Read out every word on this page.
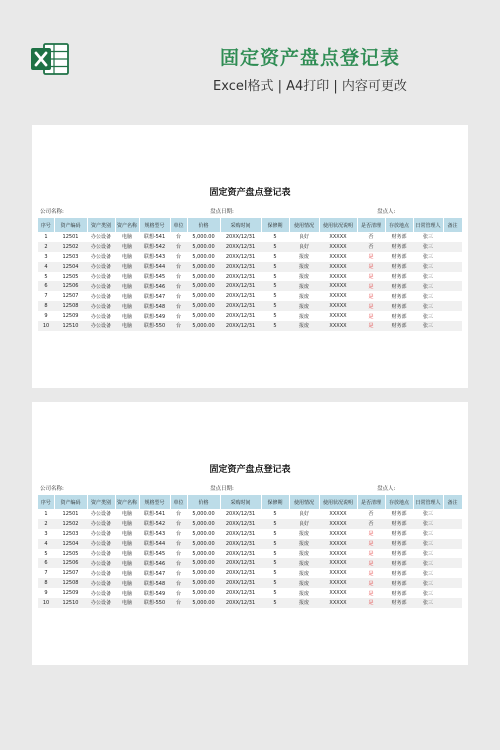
固定资产盘点登记表
Excel格式 | A4打印 | 内容可更改
固定资产盘点登记表
公司名称:	盘点日期:	盘点人:
序号	资产编码	资产类别	资产名称	规格型号	单位	价格	采购时间	保修期	使用情况	使用状况说明	是否清理	存放地点	日常管理人	备注
1	12501	办公设备	电脑	联想-541	台	5,000.00	20XX/12/31	5	良好	XXXXX	否	财务部	张三	
2	12502	办公设备	电脑	联想-542	台	5,000.00	20XX/12/31	5	良好	XXXXX	否	财务部	张三	
3	12503	办公设备	电脑	联想-543	台	5,000.00	20XX/12/31	5	报废	XXXXX	是	财务部	张三	
4	12504	办公设备	电脑	联想-544	台	5,000.00	20XX/12/31	5	报废	XXXXX	是	财务部	张三	
5	12505	办公设备	电脑	联想-545	台	5,000.00	20XX/12/31	5	报废	XXXXX	是	财务部	张三	
6	12506	办公设备	电脑	联想-546	台	5,000.00	20XX/12/31	5	报废	XXXXX	是	财务部	张三	
7	12507	办公设备	电脑	联想-547	台	5,000.00	20XX/12/31	5	报废	XXXXX	是	财务部	张三	
8	12508	办公设备	电脑	联想-548	台	5,000.00	20XX/12/31	5	报废	XXXXX	是	财务部	张三	
9	12509	办公设备	电脑	联想-549	台	5,000.00	20XX/12/31	5	报废	XXXXX	是	财务部	张三	
10	12510	办公设备	电脑	联想-550	台	5,000.00	20XX/12/31	5	报废	XXXXX	是	财务部	张三	
固定资产盘点登记表
公司名称:	盘点日期:	盘点人:
序号	资产编码	资产类别	资产名称	规格型号	单位	价格	采购时间	保修期	使用情况	使用状况说明	是否清理	存放地点	日常管理人	备注
1	12501	办公设备	电脑	联想-541	台	5,000.00	20XX/12/31	5	良好	XXXXX	否	财务部	张三	
2	12502	办公设备	电脑	联想-542	台	5,000.00	20XX/12/31	5	良好	XXXXX	否	财务部	张三	
3	12503	办公设备	电脑	联想-543	台	5,000.00	20XX/12/31	5	报废	XXXXX	是	财务部	张三	
4	12504	办公设备	电脑	联想-544	台	5,000.00	20XX/12/31	5	报废	XXXXX	是	财务部	张三	
5	12505	办公设备	电脑	联想-545	台	5,000.00	20XX/12/31	5	报废	XXXXX	是	财务部	张三	
6	12506	办公设备	电脑	联想-546	台	5,000.00	20XX/12/31	5	报废	XXXXX	是	财务部	张三	
7	12507	办公设备	电脑	联想-547	台	5,000.00	20XX/12/31	5	报废	XXXXX	是	财务部	张三	
8	12508	办公设备	电脑	联想-548	台	5,000.00	20XX/12/31	5	报废	XXXXX	是	财务部	张三	
9	12509	办公设备	电脑	联想-549	台	5,000.00	20XX/12/31	5	报废	XXXXX	是	财务部	张三	
10	12510	办公设备	电脑	联想-550	台	5,000.00	20XX/12/31	5	报废	XXXXX	是	财务部	张三	
